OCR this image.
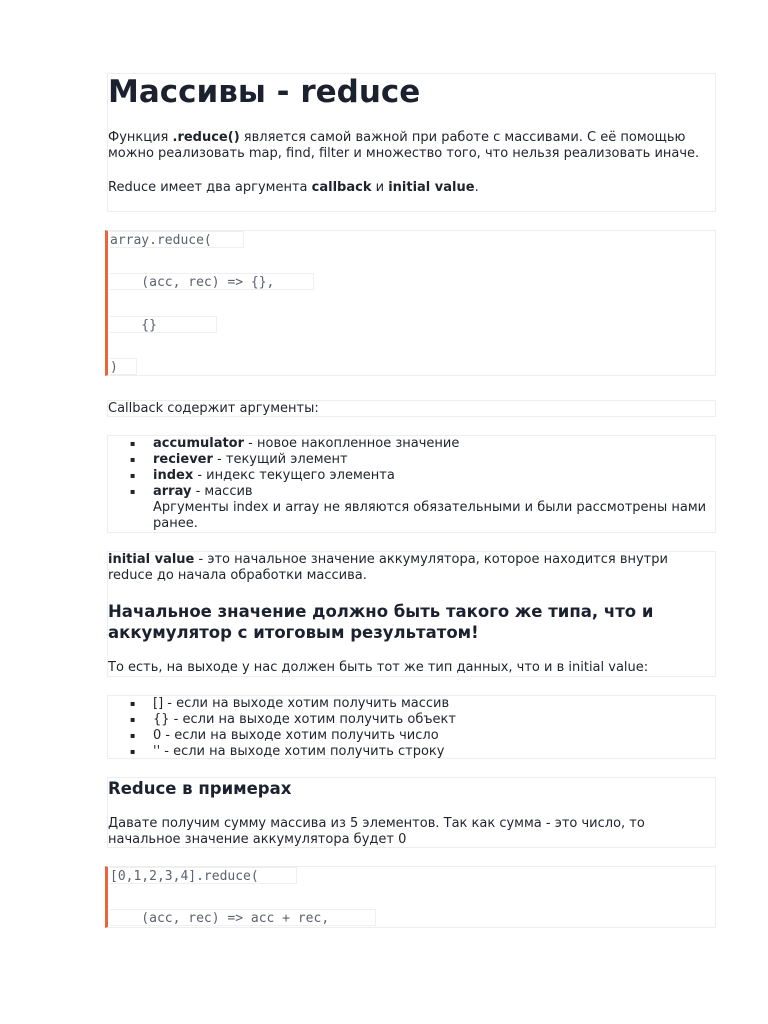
Массивы - reduce

Функция .reduce() является самой важной при работе с массивами. С её помощью можно реализовать map, find, filter и множество того, что нельзя реализовать иначе.

Reduce имеет два аргумента callback и initial value.

array.reduce(
(acc, rec) => {},
{}
)

Callback содержит аргументы:

▪ accumulator - новое накопленное значение
▪ reciever - текущий элемент
▪ index - индекс текущего элемента
▪ array - массив
Аргументы index и array не являются обязательными и были рассмотрены нами ранее.

initial value - это начальное значение аккумулятора, которое находится внутри reduce до начала обработки массива.

Начальное значение должно быть такого же типа, что и аккумулятор с итоговым результатом!

То есть, на выходе у нас должен быть тот же тип данных, что и в initial value:

▪ [] - если на выходе хотим получить массив
▪ {} - если на выходе хотим получить объект
▪ 0 - если на выходе хотим получить число
▪ '' - если на выходе хотим получить строку
Reduce в примерах

Давате получим сумму массива из 5 элементов. Так как сумма - это число, то начальное значение аккумулятора будет 0

[0,1,2,3,4].reduce(
(acc, rec) => acc + rec,
